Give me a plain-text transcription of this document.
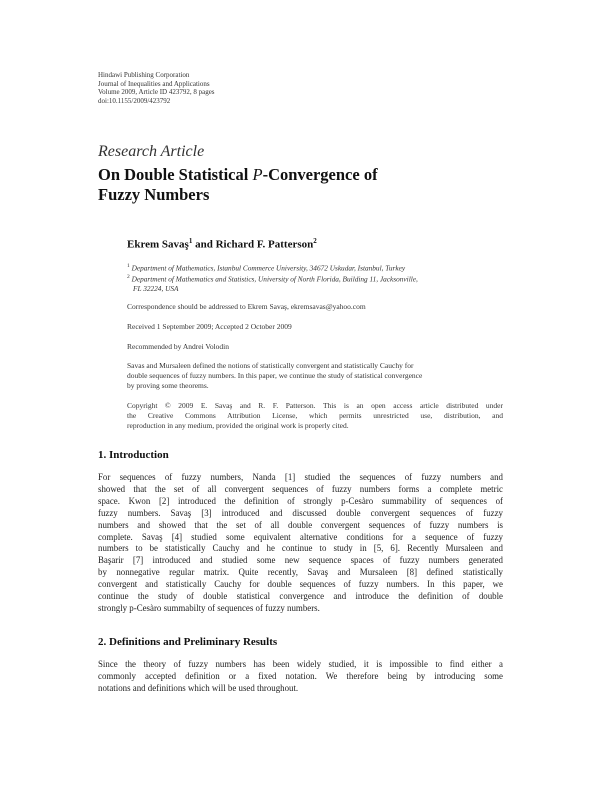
Hindawi Publishing Corporation
Journal of Inequalities and Applications
Volume 2009, Article ID 423792, 8 pages
doi:10.1155/2009/423792
Research Article
On Double Statistical P-Convergence of
Fuzzy Numbers
Ekrem Savaş$^1$ and Richard F. Patterson$^2$
$^1$ Department of Mathematics, Istanbul Commerce University, 34672 Uskudar, Istanbul, Turkey
$^2$ Department of Mathematics and Statistics, University of North Florida, Building 11, Jacksonville,
FL 32224, USA
Correspondence should be addressed to Ekrem Savaş, ekremsavas@yahoo.com
Received 1 September 2009; Accepted 2 October 2009
Recommended by Andrei Volodin
Savas and Mursaleen defined the notions of statistically convergent and statistically Cauchy for
double sequences of fuzzy numbers. In this paper, we continue the study of statistical convergence
by proving some theorems.
Copyright © 2009 E. Savaş and R. F. Patterson. This is an open access article distributed under
the Creative Commons Attribution License, which permits unrestricted use, distribution, and
reproduction in any medium, provided the original work is properly cited.
1. Introduction
For sequences of fuzzy numbers, Nanda [1] studied the sequences of fuzzy numbers and
showed that the set of all convergent sequences of fuzzy numbers forms a complete metric
space. Kwon [2] introduced the definition of strongly p-Cesàro summability of sequences of
fuzzy numbers. Savaş [3] introduced and discussed double convergent sequences of fuzzy
numbers and showed that the set of all double convergent sequences of fuzzy numbers is
complete. Savaş [4] studied some equivalent alternative conditions for a sequence of fuzzy
numbers to be statistically Cauchy and he continue to study in [5, 6]. Recently Mursaleen and
Başarir [7] introduced and studied some new sequence spaces of fuzzy numbers generated
by nonnegative regular matrix. Quite recently, Savaş and Mursaleen [8] defined statistically
convergent and statistically Cauchy for double sequences of fuzzy numbers. In this paper, we
continue the study of double statistical convergence and introduce the definition of double
strongly p-Cesàro summabilty of sequences of fuzzy numbers.
2. Definitions and Preliminary Results
Since the theory of fuzzy numbers has been widely studied, it is impossible to find either a
commonly accepted definition or a fixed notation. We therefore being by introducing some
notations and definitions which will be used throughout.
